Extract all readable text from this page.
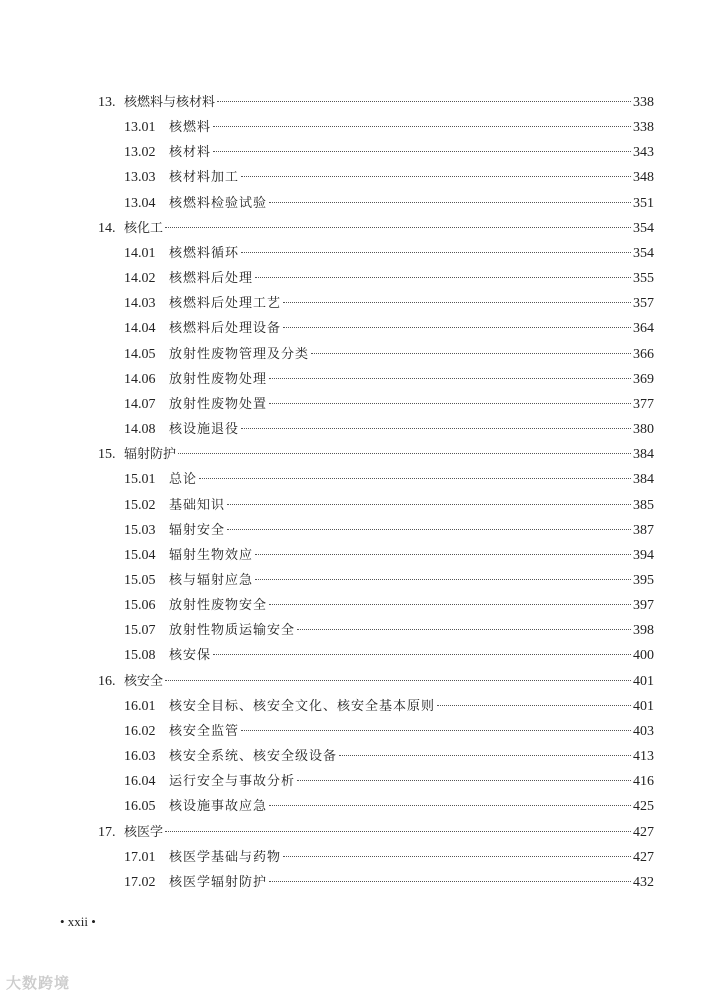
13. 核燃料与核材料	338
13.01	核燃料	338
13.02	核材料	343
13.03	核材料加工	348
13.04	核燃料检验试验	351
14. 核化工	354
14.01	核燃料循环	354
14.02	核燃料后处理	355
14.03	核燃料后处理工艺	357
14.04	核燃料后处理设备	364
14.05	放射性废物管理及分类	366
14.06	放射性废物处理	369
14.07	放射性废物处置	377
14.08	核设施退役	380
15. 辐射防护	384
15.01	总论	384
15.02	基础知识	385
15.03	辐射安全	387
15.04	辐射生物效应	394
15.05	核与辐射应急	395
15.06	放射性废物安全	397
15.07	放射性物质运输安全	398
15.08	核安保	400
16. 核安全	401
16.01	核安全目标、核安全文化、核安全基本原则	401
16.02	核安全监管	403
16.03	核安全系统、核安全级设备	413
16.04	运行安全与事故分析	416
16.05	核设施事故应急	425
17. 核医学	427
17.01	核医学基础与药物	427
17.02	核医学辐射防护	432
• xxii •
大数跨境
